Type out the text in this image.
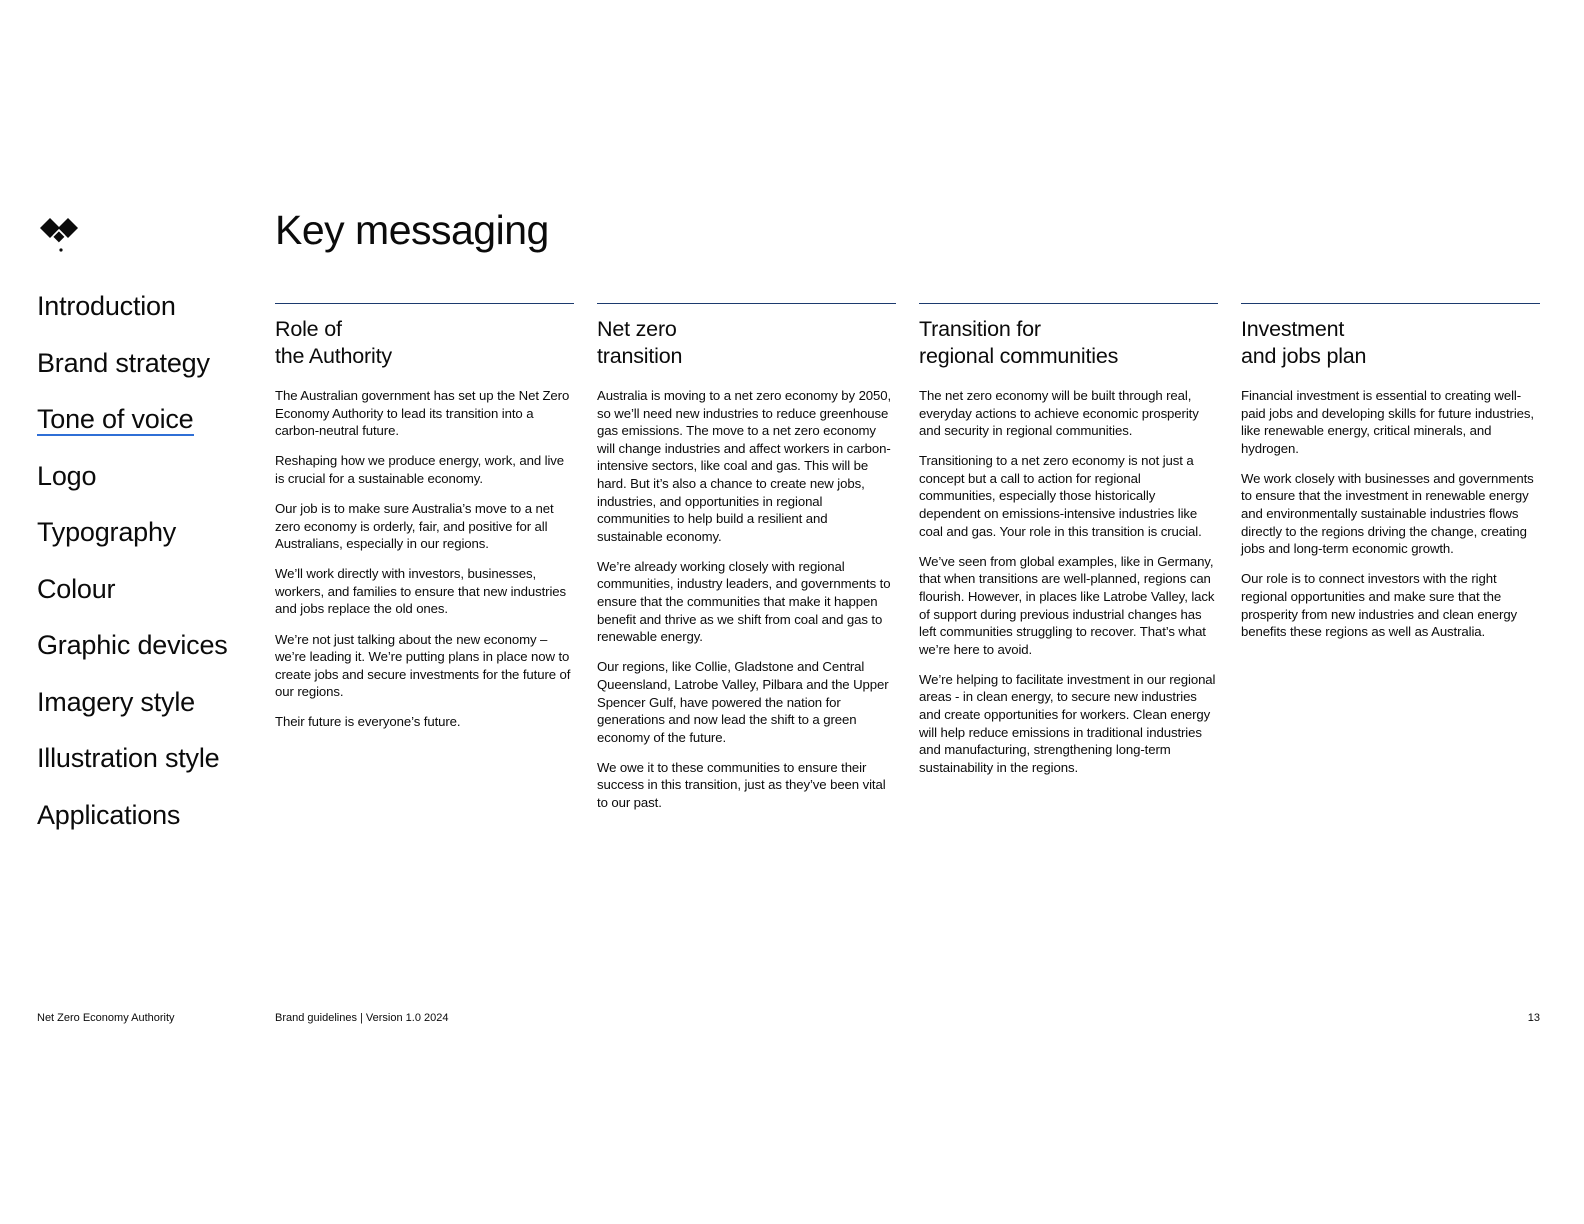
Introduction
Brand strategy
Tone of voice
Logo
Typography
Colour
Graphic devices
Imagery style
Illustration style
Applications
Key messaging
Role of
the Authority

The Australian government has set up the Net Zero Economy Authority to lead its transition into a carbon-neutral future.

Reshaping how we produce energy, work, and live is crucial for a sustainable economy.

Our job is to make sure Australia’s move to a net zero economy is orderly, fair, and positive for all Australians, especially in our regions.

We’ll work directly with investors, businesses, workers, and families to ensure that new industries and jobs replace the old ones.

We’re not just talking about the new economy – we’re leading it. We’re putting plans in place now to create jobs and secure investments for the future of our regions.

Their future is everyone’s future.

Net zero
transition

Australia is moving to a net zero economy by 2050, so we’ll need new industries to reduce greenhouse gas emissions. The move to a net zero economy will change industries and affect workers in carbon-intensive sectors, like coal and gas. This will be hard. But it’s also a chance to create new jobs, industries, and opportunities in regional communities to help build a resilient and sustainable economy.

We’re already working closely with regional communities, industry leaders, and governments to ensure that the communities that make it happen benefit and thrive as we shift from coal and gas to renewable energy.

Our regions, like Collie, Gladstone and Central Queensland, Latrobe Valley, Pilbara and the Upper Spencer Gulf, have powered the nation for generations and now lead the shift to a green economy of the future.

We owe it to these communities to ensure their success in this transition, just as they’ve been vital to our past.

Transition for
regional communities

The net zero economy will be built through real, everyday actions to achieve economic prosperity and security in regional communities.

Transitioning to a net zero economy is not just a concept but a call to action for regional communities, especially those historically dependent on emissions-intensive industries like coal and gas. Your role in this transition is crucial.

We’ve seen from global examples, like in Germany, that when transitions are well-planned, regions can flourish. However, in places like Latrobe Valley, lack of support during previous industrial changes has left communities struggling to recover. That’s what we’re here to avoid.

We’re helping to facilitate investment in our regional areas - in clean energy, to secure new industries and create opportunities for workers. Clean energy will help reduce emissions in traditional industries and manufacturing, strengthening long-term sustainability in the regions.

Investment
and jobs plan

Financial investment is essential to creating well-paid jobs and developing skills for future industries, like renewable energy, critical minerals, and hydrogen.

We work closely with businesses and governments to ensure that the investment in renewable energy and environmentally sustainable industries flows directly to the regions driving the change, creating jobs and long-term economic growth.

Our role is to connect investors with the right regional opportunities and make sure that the prosperity from new industries and clean energy benefits these regions as well as Australia.

Net Zero Economy Authority	Brand guidelines | Version 1.0 2024	13
